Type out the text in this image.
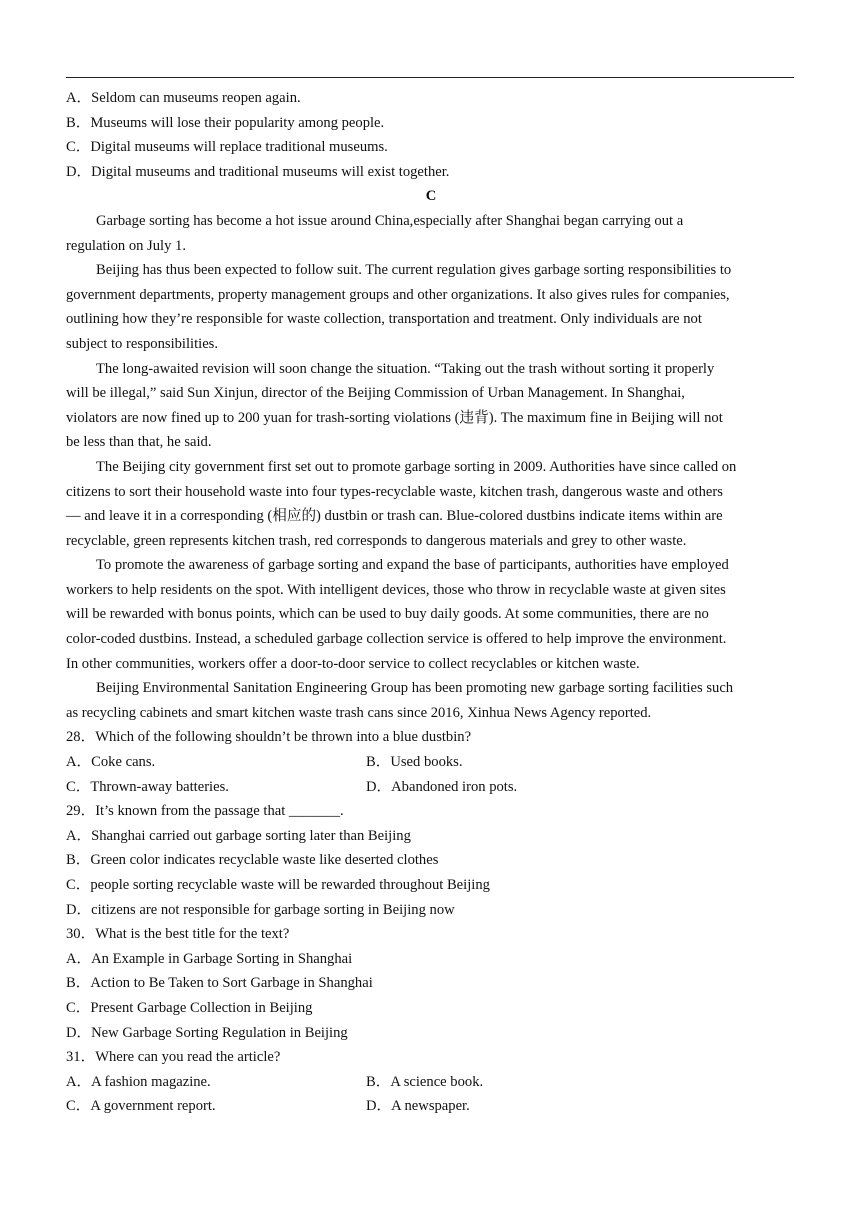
A．Seldom can museums reopen again.
B．Museums will lose their popularity among people.
C．Digital museums will replace traditional museums.
D．Digital museums and traditional museums will exist together.
C

Garbage sorting has become a hot issue around China,especially after Shanghai began carrying out a
regulation on July 1.

Beijing has thus been expected to follow suit. The current regulation gives garbage sorting responsibilities to
government departments, property management groups and other organizations. It also gives rules for companies,
outlining how they’re responsible for waste collection, transportation and treatment. Only individuals are not
subject to responsibilities.

The long-awaited revision will soon change the situation. “Taking out the trash without sorting it properly
will be illegal,” said Sun Xinjun, director of the Beijing Commission of Urban Management. In Shanghai,
violators are now fined up to 200 yuan for trash-sorting violations (违背). The maximum fine in Beijing will not
be less than that, he said.

The Beijing city government first set out to promote garbage sorting in 2009. Authorities have since called on
citizens to sort their household waste into four types-recyclable waste, kitchen trash, dangerous waste and others
— and leave it in a corresponding (相应的) dustbin or trash can. Blue-colored dustbins indicate items within are
recyclable, green represents kitchen trash, red corresponds to dangerous materials and grey to other waste.

To promote the awareness of garbage sorting and expand the base of participants, authorities have employed
workers to help residents on the spot. With intelligent devices, those who throw in recyclable waste at given sites
will be rewarded with bonus points, which can be used to buy daily goods. At some communities, there are no
color-coded dustbins. Instead, a scheduled garbage collection service is offered to help improve the environment.
In other communities, workers offer a door-to-door service to collect recyclables or kitchen waste.

Beijing Environmental Sanitation Engineering Group has been promoting new garbage sorting facilities such
as recycling cabinets and smart kitchen waste trash cans since 2016, Xinhua News Agency reported.

28．Which of the following shouldn’t be thrown into a blue dustbin?
A．Coke cans.	B．Used books.
C．Thrown-away batteries.	D．Abandoned iron pots.
29．It’s known from the passage that _______.
A．Shanghai carried out garbage sorting later than Beijing
B．Green color indicates recyclable waste like deserted clothes
C．people sorting recyclable waste will be rewarded throughout Beijing
D．citizens are not responsible for garbage sorting in Beijing now
30．What is the best title for the text?
A．An Example in Garbage Sorting in Shanghai
B．Action to Be Taken to Sort Garbage in Shanghai
C．Present Garbage Collection in Beijing
D．New Garbage Sorting Regulation in Beijing
31．Where can you read the article?
A．A fashion magazine.	B．A science book.
C．A government report.	D．A newspaper.
